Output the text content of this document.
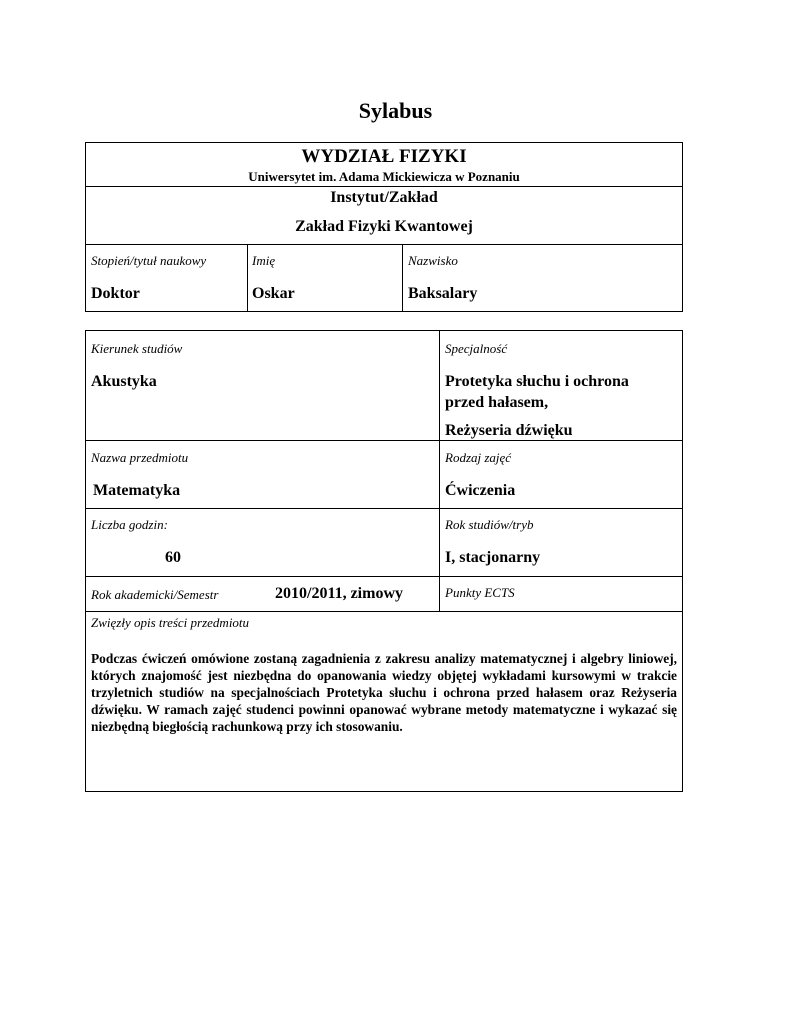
Sylabus
WYDZIAŁ FIZYKI
Uniwersytet im. Adama Mickiewicza w Poznaniu
Instytut/Zakład
Zakład Fizyki Kwantowej
Stopień/tytuł naukowy
Doktor
Imię
Oskar
Nazwisko
Baksalary
Kierunek studiów
Akustyka
Specjalność
Protetyka słuchu i ochrona
przed hałasem,
Reżyseria dźwięku
Nazwa przedmiotu
Matematyka
Rodzaj zajęć
Ćwiczenia
Liczba godzin:
60
Rok studiów/tryb
I, stacjonarny
Rok akademicki/Semestr	2010/2011, zimowy	Punkty ECTS
Zwięzły opis treści przedmiotu
Podczas ćwiczeń omówione zostaną zagadnienia z zakresu analizy matematycznej i algebry liniowej, których znajomość jest niezbędna do opanowania wiedzy objętej wykładami kursowymi w trakcie trzyletnich studiów na specjalnościach Protetyka słuchu i ochrona przed hałasem oraz Reżyseria dźwięku. W ramach zajęć studenci powinni opanować wybrane metody matematyczne i wykazać się niezbędną biegłością rachunkową przy ich stosowaniu.
